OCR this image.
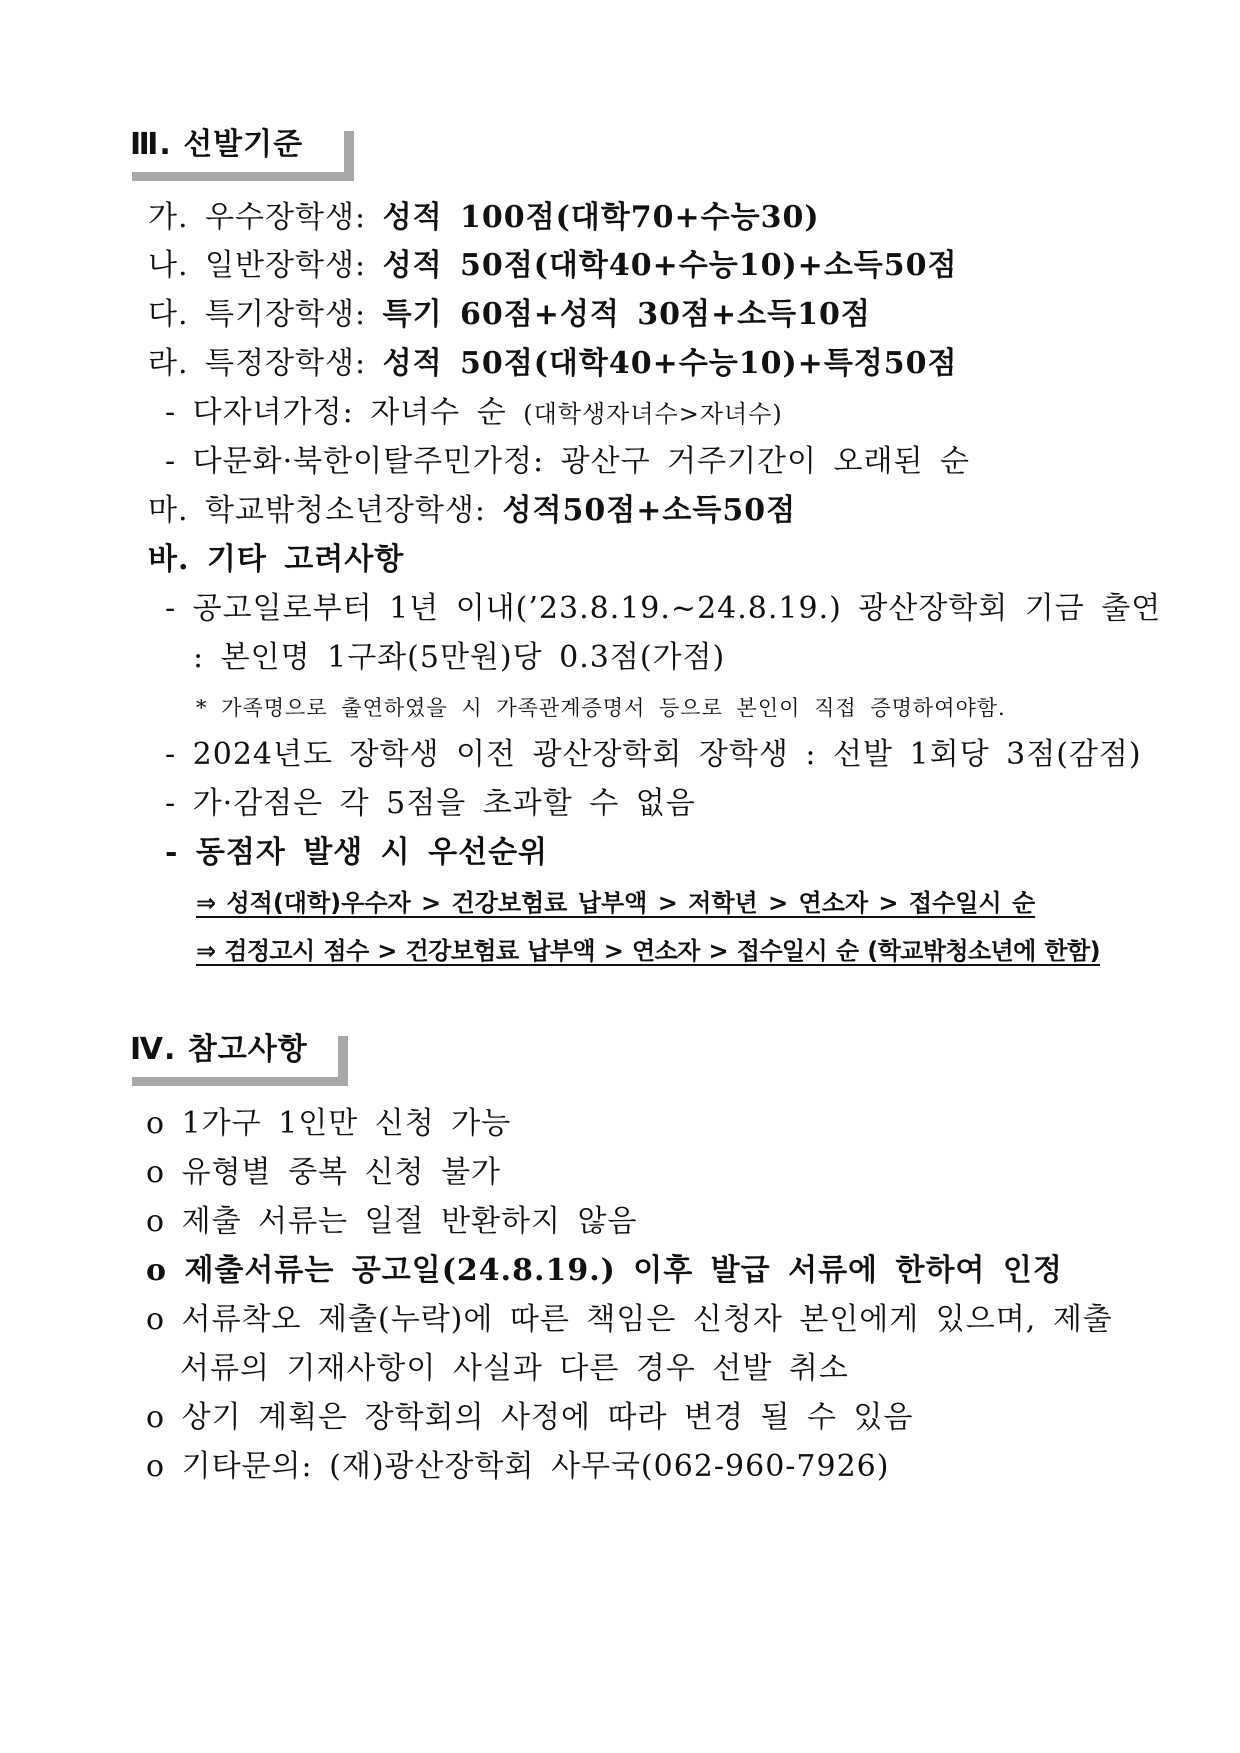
Ⅲ. 선발기준
가. 우수장학생: 성적 100점(대학70+수능30)
나. 일반장학생: 성적 50점(대학40+수능10)+소득50점
다. 특기장학생: 특기 60점+성적 30점+소득10점
라. 특정장학생: 성적 50점(대학40+수능10)+특정50점
- 다자녀가정: 자녀수 순 (대학생자녀수>자녀수)
- 다문화·북한이탈주민가정: 광산구 거주기간이 오래된 순
마. 학교밖청소년장학생: 성적50점+소득50점
바. 기타 고려사항
- 공고일로부터 1년 이내(’23.8.19.~24.8.19.) 광산장학회 기금 출연
: 본인명 1구좌(5만원)당 0.3점(가점)
* 가족명으로 출연하였을 시 가족관계증명서 등으로 본인이 직접 증명하여야함.
- 2024년도 장학생 이전 광산장학회 장학생 : 선발 1회당 3점(감점)
- 가·감점은 각 5점을 초과할 수 없음
- 동점자 발생 시 우선순위
⇒ 성적(대학)우수자 > 건강보험료 납부액 > 저학년 > 연소자 > 접수일시 순
⇒ 검정고시 점수 > 건강보험료 납부액 > 연소자 > 접수일시 순 (학교밖청소년에 한함)
Ⅳ. 참고사항
o 1가구 1인만 신청 가능
o 유형별 중복 신청 불가
o 제출 서류는 일절 반환하지 않음
o 제출서류는 공고일(24.8.19.) 이후 발급 서류에 한하여 인정
o 서류착오 제출(누락)에 따른 책임은 신청자 본인에게 있으며, 제출
서류의 기재사항이 사실과 다른 경우 선발 취소
o 상기 계획은 장학회의 사정에 따라 변경 될 수 있음
o 기타문의: (재)광산장학회 사무국(062-960-7926)
